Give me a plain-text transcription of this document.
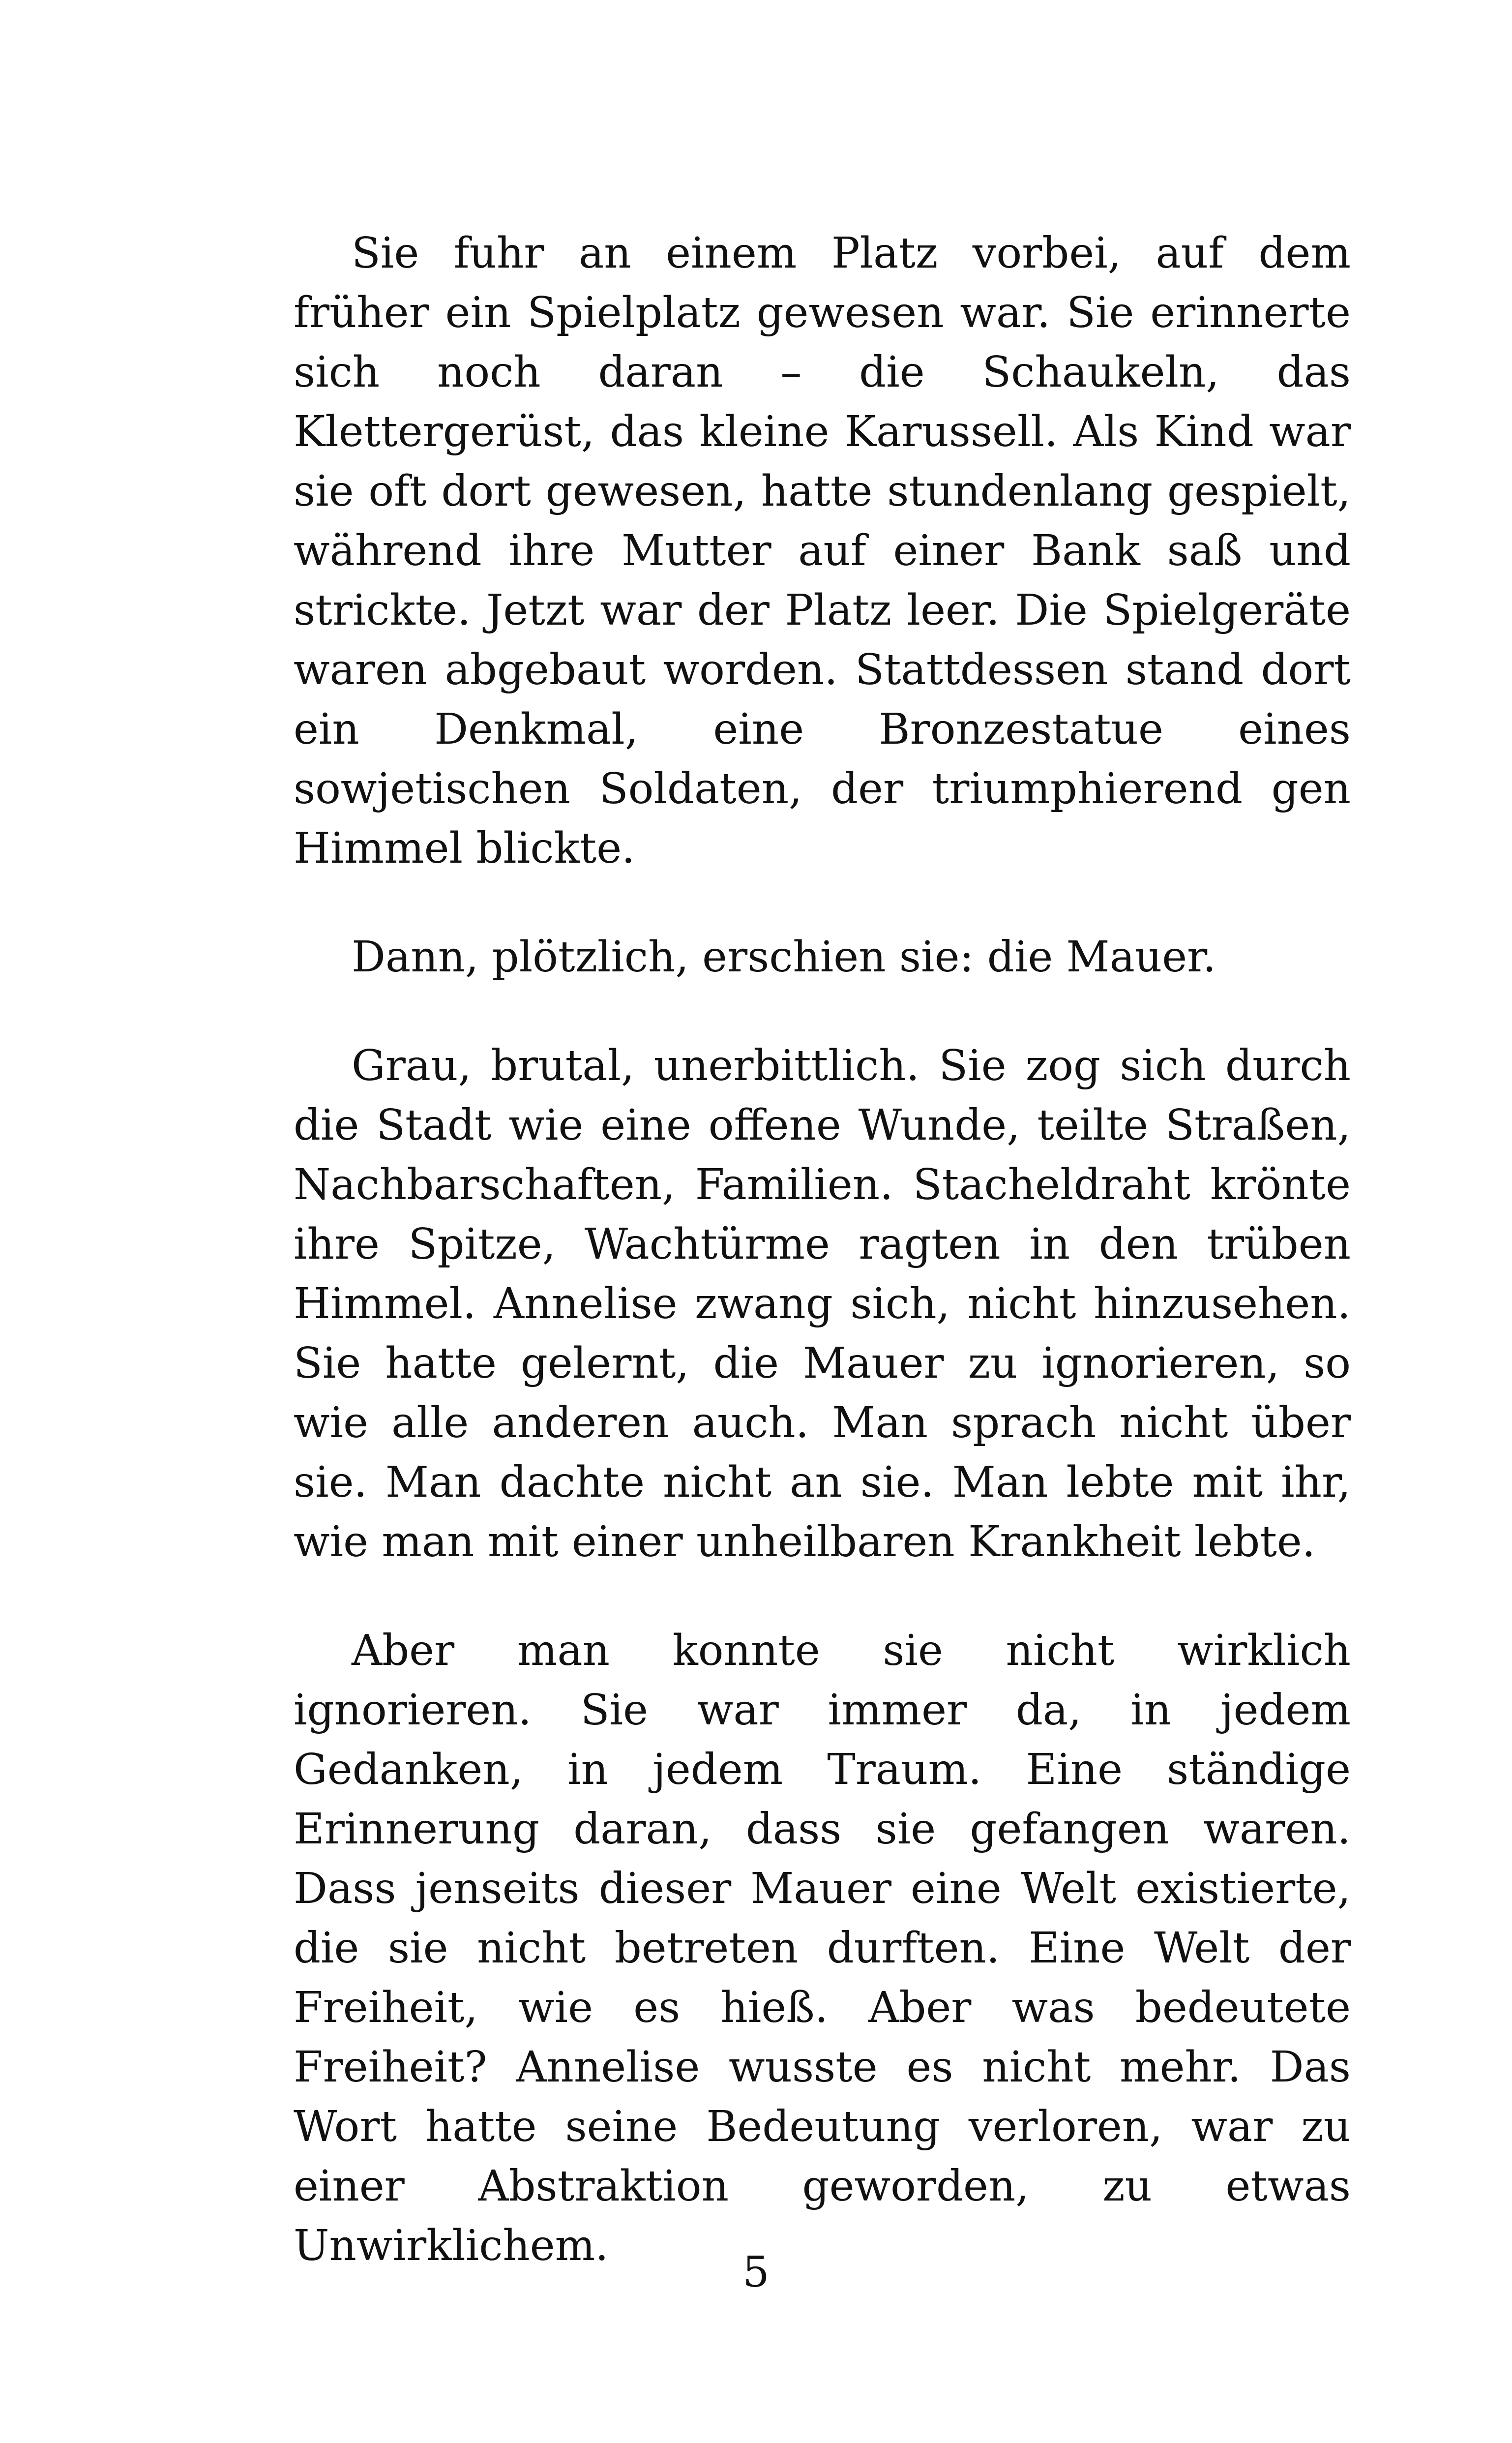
Sie fuhr an einem Platz vorbei, auf dem früher ein Spielplatz gewesen war. Sie erinnerte sich noch daran – die Schaukeln, das Klettergerüst, das kleine Karussell. Als Kind war sie oft dort gewesen, hatte stundenlang gespielt, während ihre Mutter auf einer Bank saß und strickte. Jetzt war der Platz leer. Die Spielgeräte waren abgebaut worden. Stattdessen stand dort ein Denkmal, eine Bronzestatue eines sowjetischen Soldaten, der triumphierend gen Himmel blickte.

Dann, plötzlich, erschien sie: die Mauer.

Grau, brutal, unerbittlich. Sie zog sich durch die Stadt wie eine offene Wunde, teilte Straßen, Nachbarschaften, Familien. Stacheldraht krönte ihre Spitze, Wachtürme ragten in den trüben Himmel. Annelise zwang sich, nicht hinzusehen. Sie hatte gelernt, die Mauer zu ignorieren, so wie alle anderen auch. Man sprach nicht über sie. Man dachte nicht an sie. Man lebte mit ihr, wie man mit einer unheilbaren Krankheit lebte.

Aber man konnte sie nicht wirklich ignorieren. Sie war immer da, in jedem Gedanken, in jedem Traum. Eine ständige Erinnerung daran, dass sie gefangen waren. Dass jenseits dieser Mauer eine Welt existierte, die sie nicht betreten durften. Eine Welt der Freiheit, wie es hieß. Aber was bedeutete Freiheit? Annelise wusste es nicht mehr. Das Wort hatte seine Bedeutung verloren, war zu einer Abstraktion geworden, zu etwas Unwirklichem.

5
